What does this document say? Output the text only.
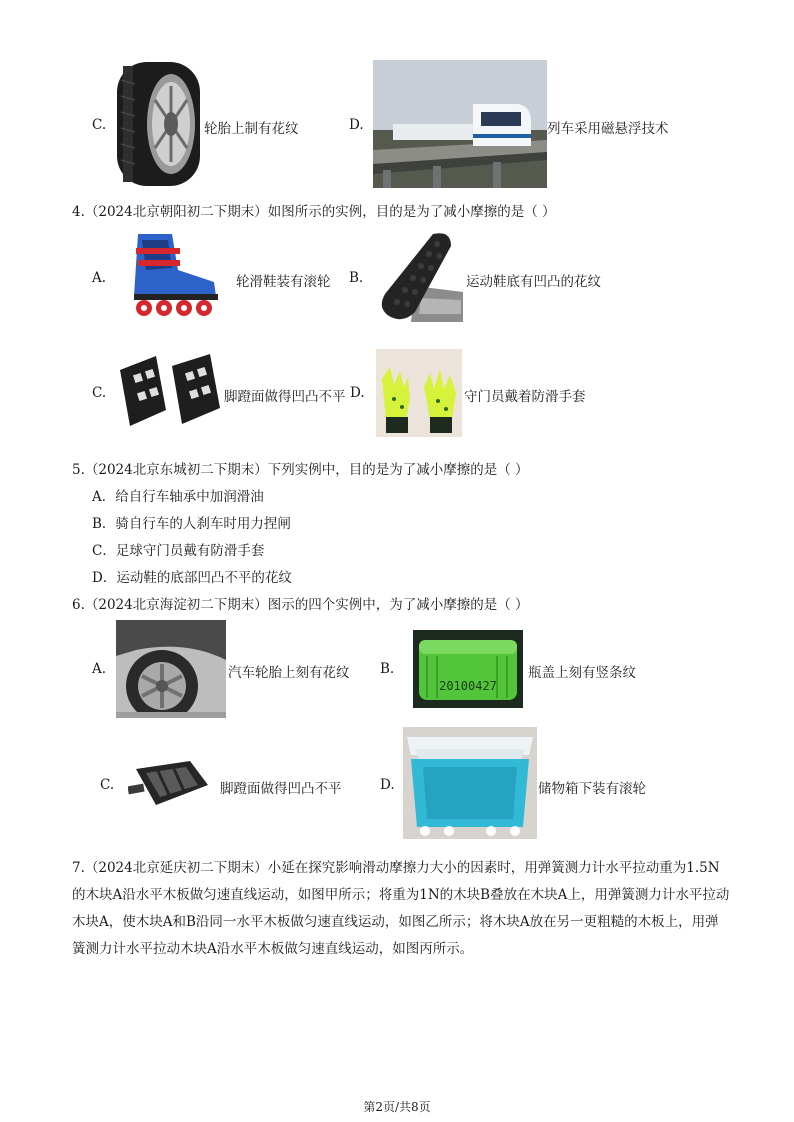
C.	轮胎上制有花纹	D.	列车采用磁悬浮技术
4.（2024北京朝阳初二下期末）如图所示的实例，目的是为了减小摩擦的是（ ）
A.	轮滑鞋装有滚轮 B.	运动鞋底有凹凸的花纹
C.	脚蹬面做得凹凸不平 D.	守门员戴着防滑手套
5.（2024北京东城初二下期末）下列实例中，目的是为了减小摩擦的是（ ）
A．给自行车轴承中加润滑油
B．骑自行车的人刹车时用力捏闸
C．足球守门员戴有防滑手套
D．运动鞋的底部凹凸不平的花纹
6.（2024北京海淀初二下期末）图示的四个实例中，为了减小摩擦的是（ ）
A.	汽车轮胎上刻有花纹 B.
20100427
瓶盖上刻有竖条纹
C.	脚蹬面做得凹凸不平	D.	储物箱下装有滚轮
7.（2024北京延庆初二下期末）小延在探究影响滑动摩擦力大小的因素时，用弹簧测力计水平拉动重为1.5N的木块A沿水平木板做匀速直线运动，如图甲所示；将重为1N的木块B叠放在木块A上，用弹簧测力计水平拉动木块A，使木块A和B沿同一水平木板做匀速直线运动，如图乙所示；将木块A放在另一更粗糙的木板上，用弹簧测力计水平拉动木块A沿水平木板做匀速直线运动，如图丙所示。
第2页/共8页
